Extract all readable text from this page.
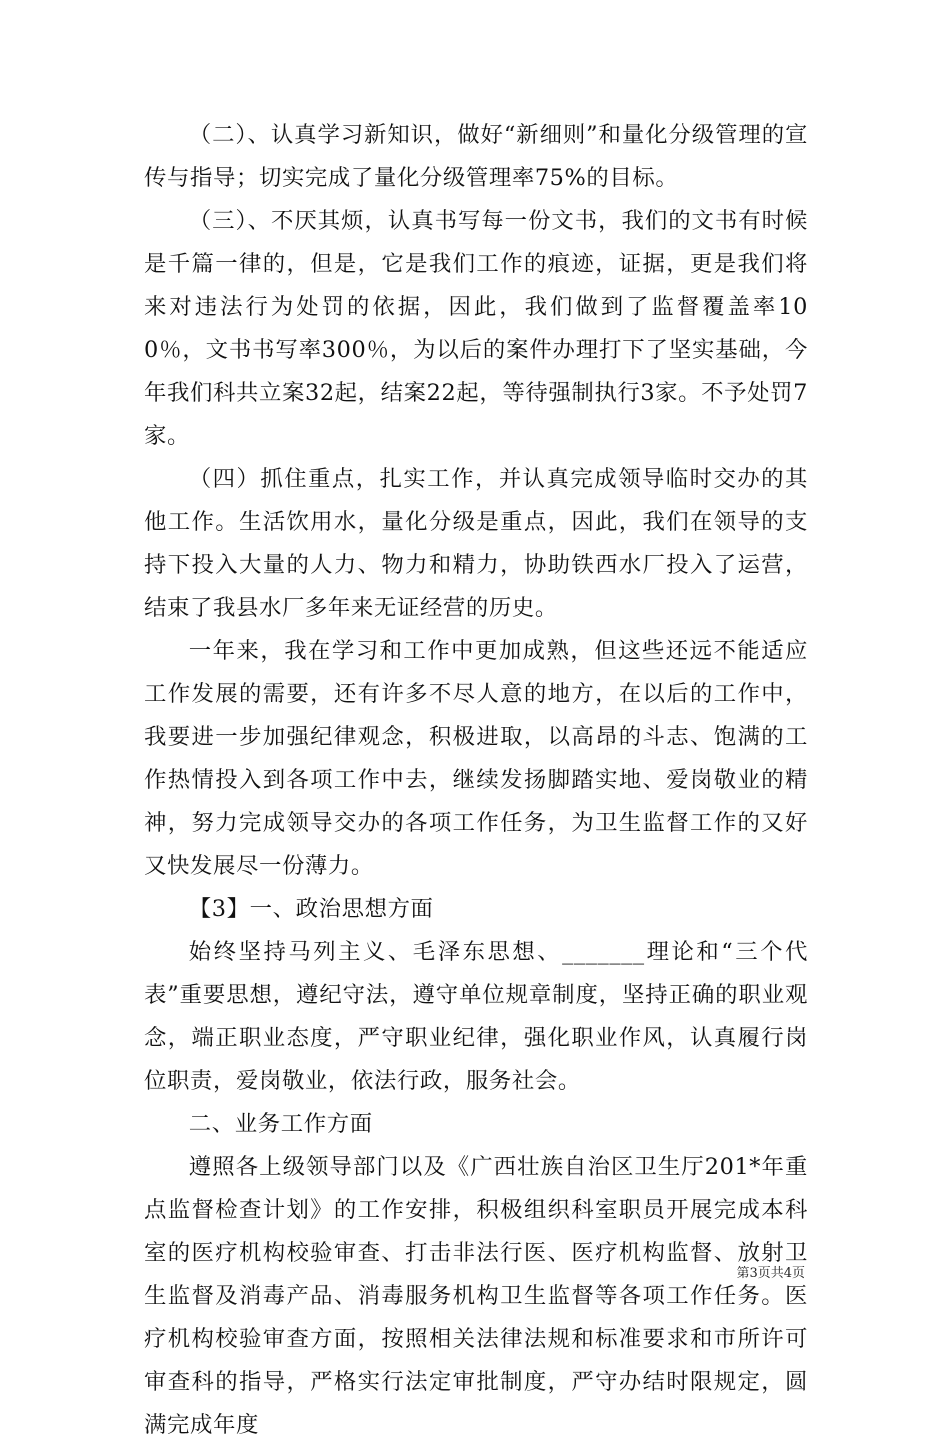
（二）、认真学习新知识，做好“新细则”和量化分级管理的宣传与指导；切实完成了量化分级管理率75%的目标。

（三）、不厌其烦，认真书写每一份文书，我们的文书有时候是千篇一律的，但是，它是我们工作的痕迹，证据，更是我们将来对违法行为处罚的依据，因此，我们做到了监督覆盖率100％，文书书写率300％，为以后的案件办理打下了坚实基础，今年我们科共立案32起，结案22起，等待强制执行3家。不予处罚7家。

（四）抓住重点，扎实工作，并认真完成领导临时交办的其他工作。生活饮用水，量化分级是重点，因此，我们在领导的支持下投入大量的人力、物力和精力，协助铁西水厂投入了运营，结束了我县水厂多年来无证经营的历史。

一年来，我在学习和工作中更加成熟，但这些还远不能适应工作发展的需要，还有许多不尽人意的地方，在以后的工作中，我要进一步加强纪律观念，积极进取，以高昂的斗志、饱满的工作热情投入到各项工作中去，继续发扬脚踏实地、爱岗敬业的精神，努力完成领导交办的各项工作任务，为卫生监督工作的又好又快发展尽一份薄力。

【3】一、政治思想方面

始终坚持马列主义、毛泽东思想、_______理论和“三个代表”重要思想，遵纪守法，遵守单位规章制度，坚持正确的职业观念，端正职业态度，严守职业纪律，强化职业作风，认真履行岗位职责，爱岗敬业，依法行政，服务社会。

二、业务工作方面

遵照各上级领导部门以及《广西壮族自治区卫生厅201*年重点监督检查计划》的工作安排，积极组织科室职员开展完成本科室的医疗机构校验审查、打击非法行医、医疗机构监督、放射卫生监督及消毒产品、消毒服务机构卫生监督等各项工作任务。医疗机构校验审查方面，按照相关法律法规和标准要求和市所许可审查科的指导，严格实行法定审批制度，严守办结时限规定，圆满完成年度

第3页共4页
